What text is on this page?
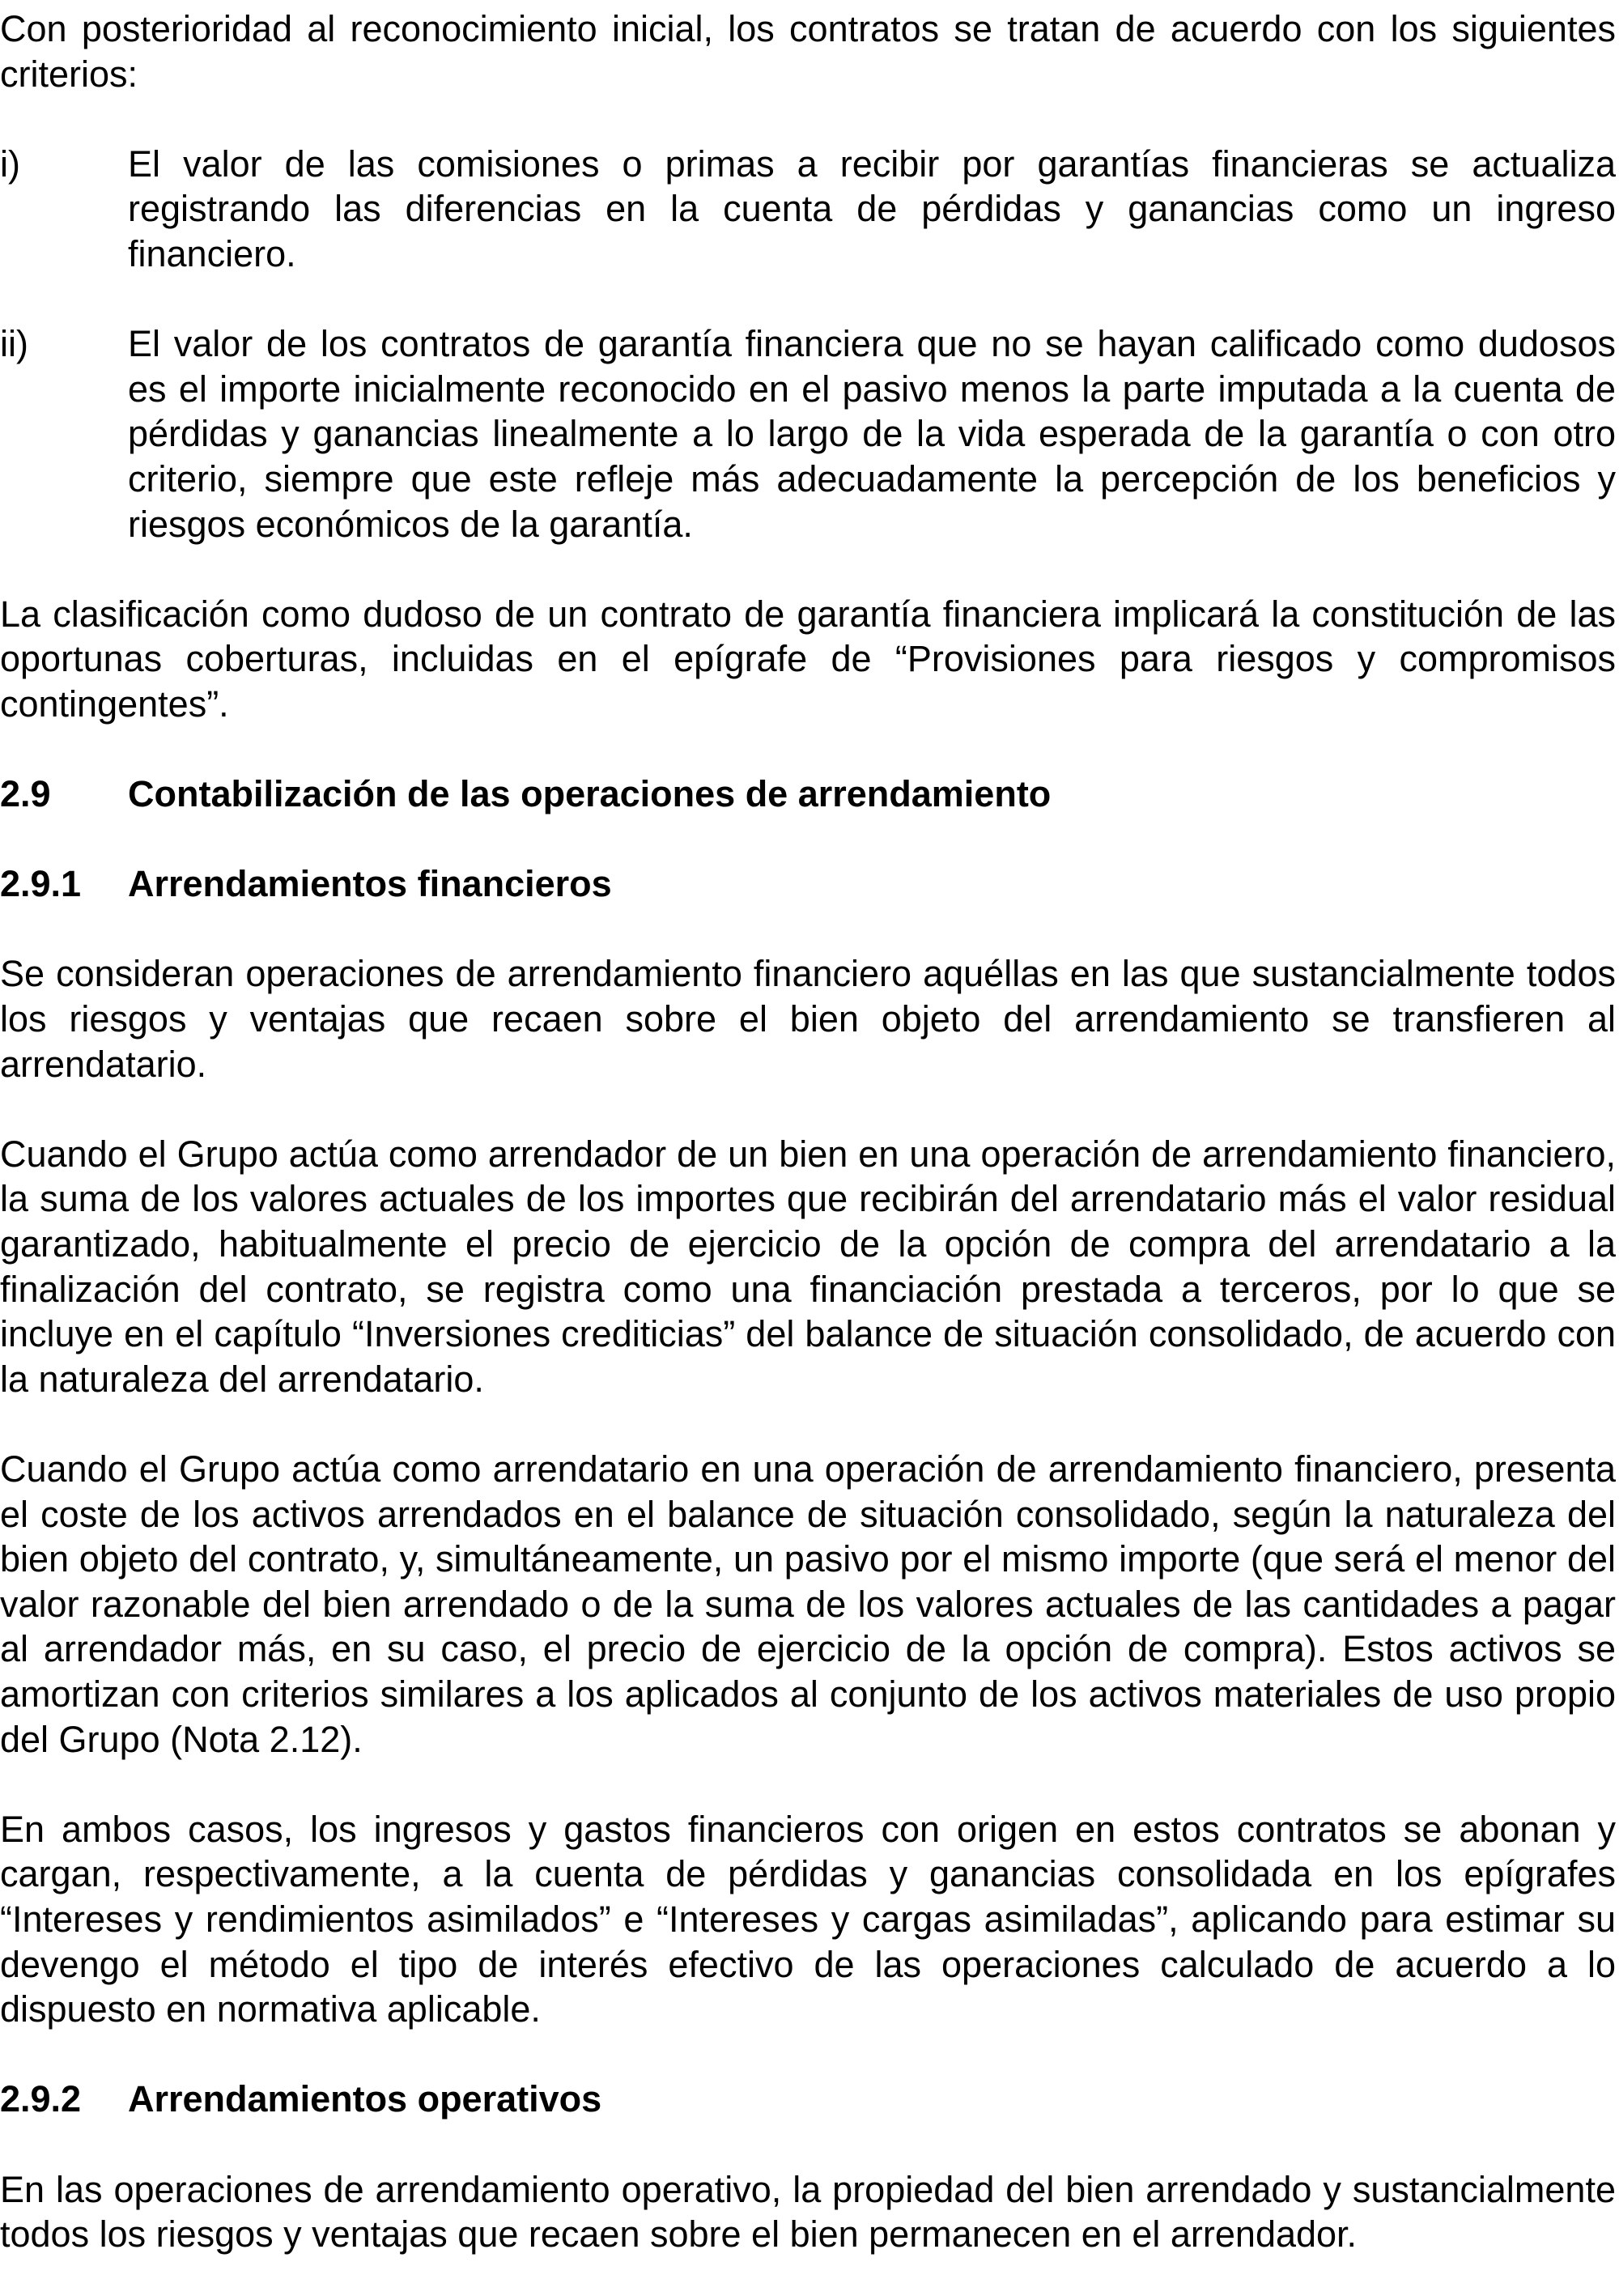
Con posterioridad al reconocimiento inicial, los contratos se tratan de acuerdo con los siguientes criterios:

i)	El valor de las comisiones o primas a recibir por garantías financieras se actualiza registrando las diferencias en la cuenta de pérdidas y ganancias como un ingreso financiero.
ii)	El valor de los contratos de garantía financiera que no se hayan calificado como dudosos es el importe inicialmente reconocido en el pasivo menos la parte imputada a la cuenta de pérdidas y ganancias linealmente a lo largo de la vida esperada de la garantía o con otro criterio, siempre que este refleje más adecuadamente la percepción de los beneficios y riesgos económicos de la garantía.

La clasificación como dudoso de un contrato de garantía financiera implicará la constitución de las oportunas coberturas, incluidas en el epígrafe de “Provisiones para riesgos y compromisos contingentes”.

2.9	Contabilización de las operaciones de arrendamiento
2.9.1	Arrendamientos financieros

Se consideran operaciones de arrendamiento financiero aquéllas en las que sustancialmente todos los riesgos y ventajas que recaen sobre el bien objeto del arrendamiento se transfieren al arrendatario.

Cuando el Grupo actúa como arrendador de un bien en una operación de arrendamiento financiero, la suma de los valores actuales de los importes que recibirán del arrendatario más el valor residual garantizado, habitualmente el precio de ejercicio de la opción de compra del arrendatario a la finalización del contrato, se registra como una financiación prestada a terceros, por lo que se incluye en el capítulo “Inversiones crediticias” del balance de situación consolidado, de acuerdo con la naturaleza del arrendatario.

Cuando el Grupo actúa como arrendatario en una operación de arrendamiento financiero, presenta el coste de los activos arrendados en el balance de situación consolidado, según la naturaleza del bien objeto del contrato, y, simultáneamente, un pasivo por el mismo importe (que será el menor del valor razonable del bien arrendado o de la suma de los valores actuales de las cantidades a pagar al arrendador más, en su caso, el precio de ejercicio de la opción de compra). Estos activos se amortizan con criterios similares a los aplicados al conjunto de los activos materiales de uso propio del Grupo (Nota 2.12).

En ambos casos, los ingresos y gastos financieros con origen en estos contratos se abonan y cargan, respectivamente, a la cuenta de pérdidas y ganancias consolidada en los epígrafes “Intereses y rendimientos asimilados” e “Intereses y cargas asimiladas”, aplicando para estimar su devengo el método el tipo de interés efectivo de las operaciones calculado de acuerdo a lo dispuesto en normativa aplicable.

2.9.2	Arrendamientos operativos

En las operaciones de arrendamiento operativo, la propiedad del bien arrendado y sustancialmente todos los riesgos y ventajas que recaen sobre el bien permanecen en el arrendador.
